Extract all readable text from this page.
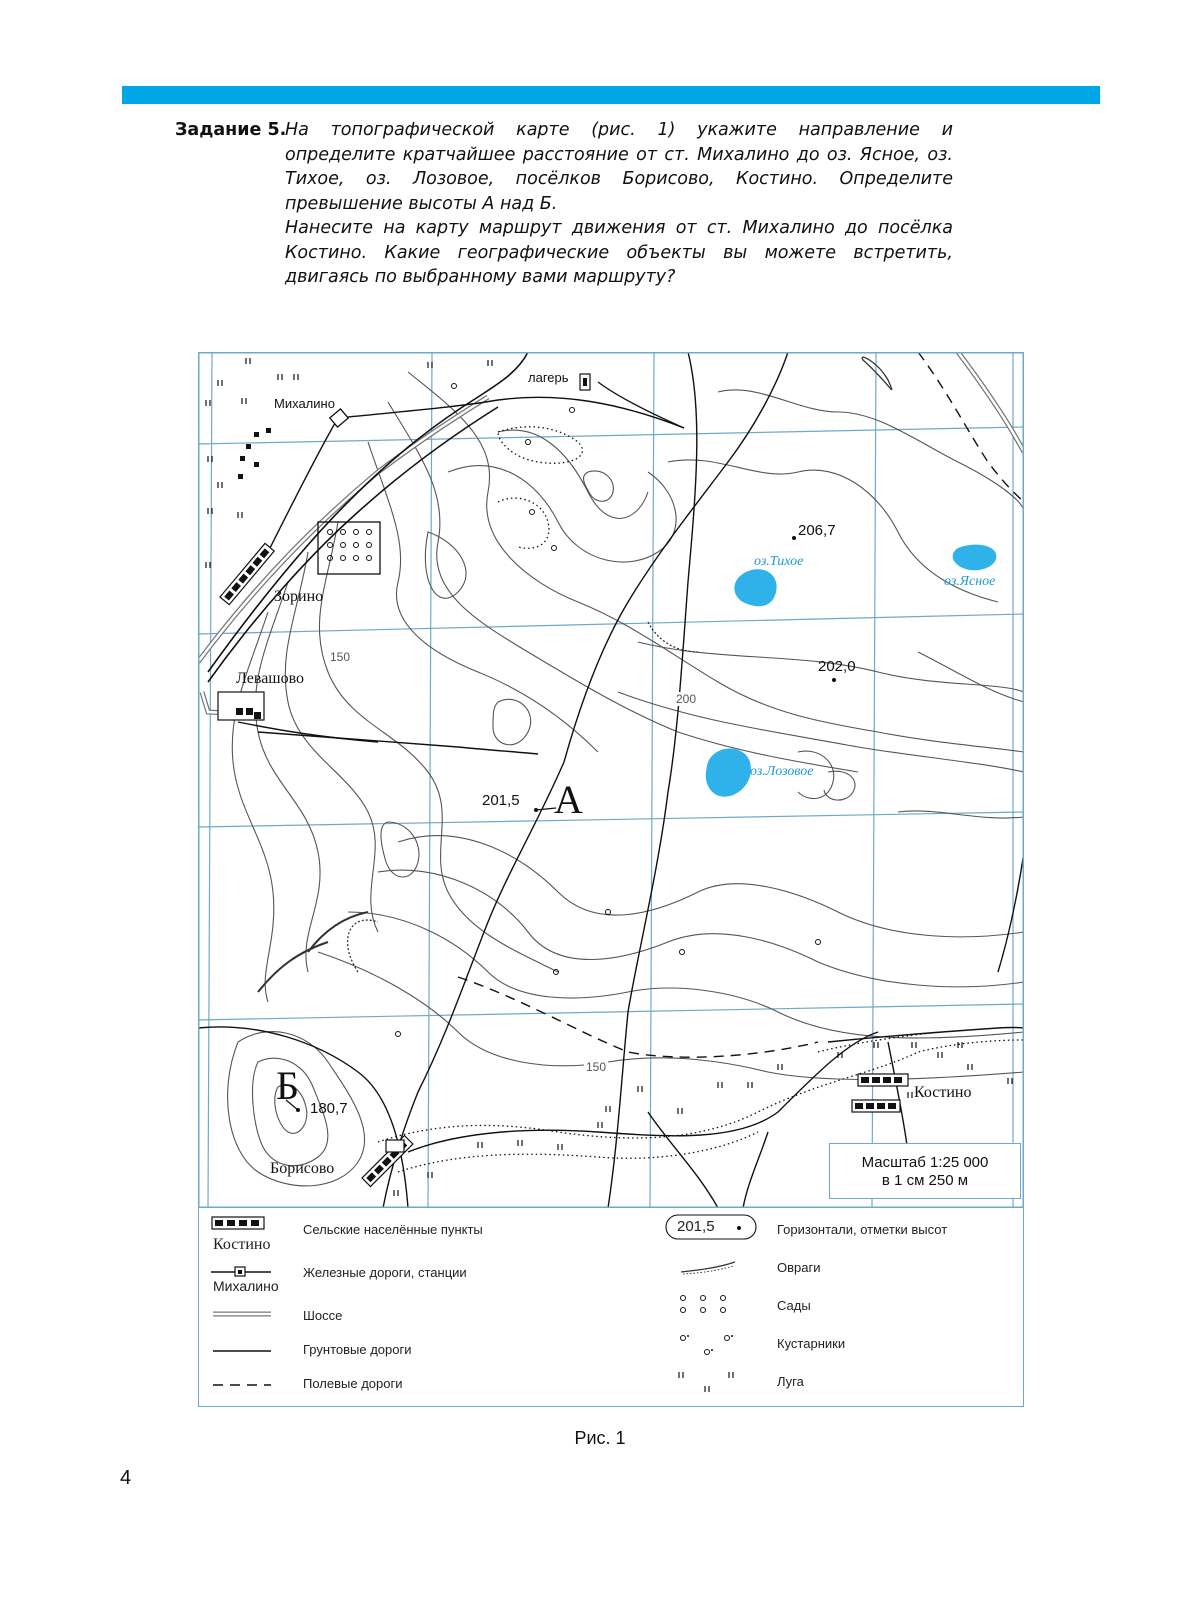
Задание 5.

На топографической карте (рис. 1) укажите направление и определите кратчайшее расстояние от ст. Михалино до оз. Ясное, оз. Тихое, оз. Лозовое, посёлков Борисово, Костино. Определите превышение высоты А над Б.

Нанесите на карту маршрут движения от ст. Михалино до посёлка Костино. Какие географические объекты вы можете встретить, двигаясь по выбранному вами маршруту?

Михалино
лагерь
Зорино
Левашово
Борисово
Костино
оз.Тихое
оз.Ясное
оз.Лозовое
206,7
202,0
201,5
180,7
А
Б
150
200
150
Масштаб 1:25 000
в 1 см 250 м
Костино
Сельские населённые пункты
Михалино
Железные дороги, станции
Шоссе
Грунтовые дороги
Полевые дороги
201,5	Горизонтали, отметки высот
Овраги
Сады
Кустарники
Луга
Рис. 1
4
